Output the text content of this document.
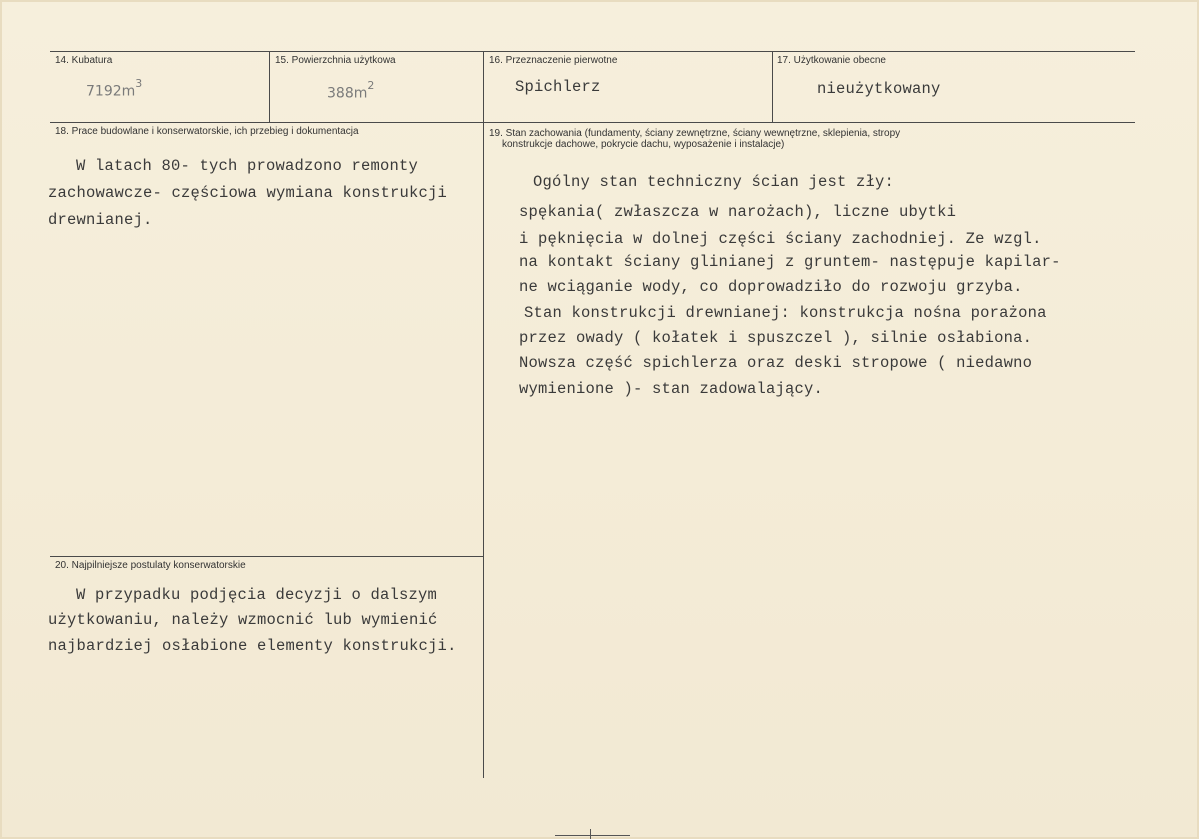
14. Kubatura
$7192m^3$
15. Powierzchnia użytkowa
$388m^2$
16. Przeznaczenie pierwotne
Spichlerz
17. Użytkowanie obecne
nieużytkowany
18. Prace budowlane i konserwatorskie, ich przebieg i dokumentacja
W latach 80- tych prowadzono remonty
zachowawcze- częściowa wymiana konstrukcji
drewnianej.
19. Stan zachowania (fundamenty, ściany zewnętrzne, ściany wewnętrzne, sklepienia, stropy
konstrukcje dachowe, pokrycie dachu, wyposażenie i instalacje)
Ogólny stan techniczny ścian jest zły:
spękania( zwłaszcza w narożach), liczne ubytki
i pęknięcia w dolnej części ściany zachodniej. Ze wzgl.
na kontakt ściany glinianej z gruntem- następuje kapilar-
ne wciąganie wody, co doprowadziło do rozwoju grzyba.
Stan konstrukcji drewnianej: konstrukcja nośna porażona
przez owady ( kołatek i spuszczel ), silnie osłabiona.
Nowsza część spichlerza oraz deski stropowe ( niedawno
wymienione )- stan zadowalający.
20. Najpilniejsze postulaty konserwatorskie
W przypadku podjęcia decyzji o dalszym
użytkowaniu, należy wzmocnić lub wymienić
najbardziej osłabione elementy konstrukcji.
